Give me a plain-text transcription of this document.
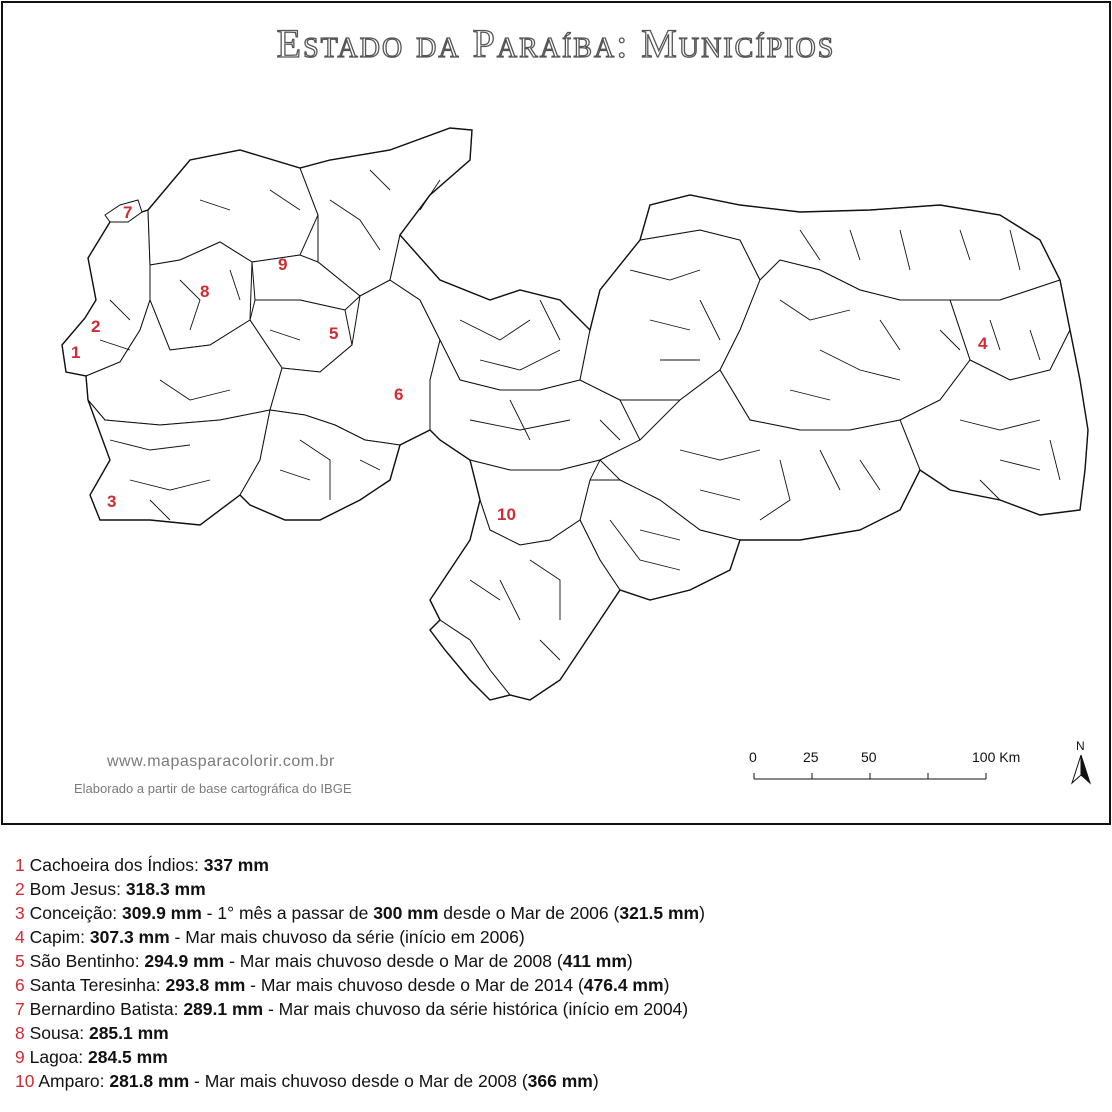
Estado da Paraíba: Municípios
1
2
3
4
5
6
7
8
9
10
0	25	50	100 Km
N
www.mapasparacolorir.com.br
Elaborado a partir de base cartográfica do IBGE
1 Cachoeira dos Índios: 337 mm
2 Bom Jesus: 318.3 mm
3 Conceição: 309.9 mm - 1° mês a passar de 300 mm desde o Mar de 2006 (321.5 mm)
4 Capim: 307.3 mm - Mar mais chuvoso da série (início em 2006)
5 São Bentinho: 294.9 mm - Mar mais chuvoso desde o Mar de 2008 (411 mm)
6 Santa Teresinha: 293.8 mm - Mar mais chuvoso desde o Mar de 2014 (476.4 mm)
7 Bernardino Batista: 289.1 mm - Mar mais chuvoso da série histórica (início em 2004)
8 Sousa: 285.1 mm
9 Lagoa: 284.5 mm
10 Amparo: 281.8 mm - Mar mais chuvoso desde o Mar de 2008 (366 mm)
